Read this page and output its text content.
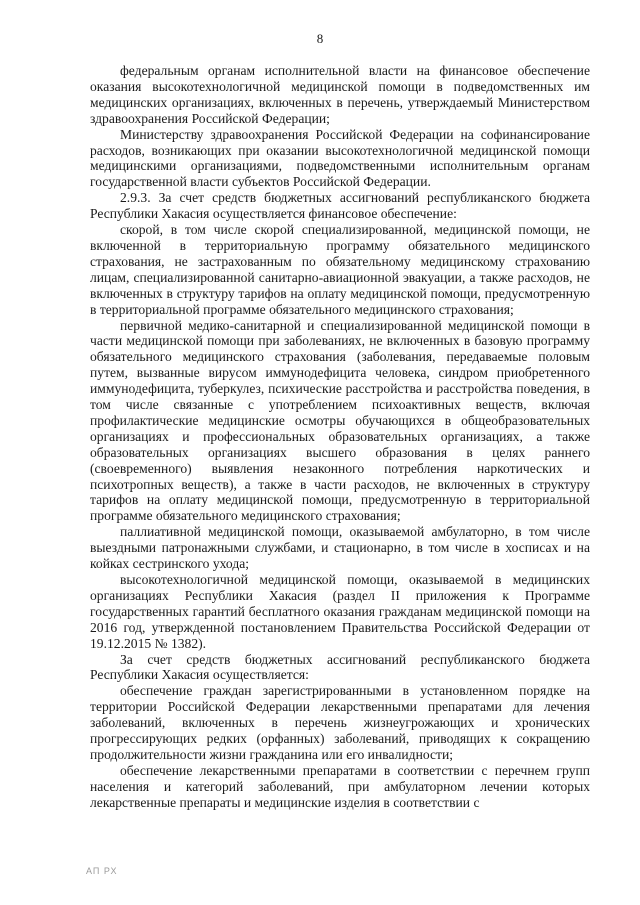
8

федеральным органам исполнительной власти на финансовое обеспечение оказания высокотехнологичной медицинской помощи в подведомственных им медицинских организациях, включенных в перечень, утверждаемый Министерством здравоохранения Российской Федерации;

Министерству здравоохранения Российской Федерации на софинансирование расходов, возникающих при оказании высокотехнологичной медицинской помощи медицинскими организациями, подведомственными исполнительным органам государственной власти субъектов Российской Федерации.

2.9.3. За счет средств бюджетных ассигнований республиканского бюджета Республики Хакасия осуществляется финансовое обеспечение:

скорой, в том числе скорой специализированной, медицинской помощи, не включенной в территориальную программу обязательного медицинского страхования, не застрахованным по обязательному медицинскому страхованию лицам, специализированной санитарно-авиационной эвакуации, а также расходов, не включенных в структуру тарифов на оплату медицинской помощи, предусмотренную в территориальной программе обязательного медицинского страхования;

первичной медико-санитарной и специализированной медицинской помощи в части медицинской помощи при заболеваниях, не включенных в базовую программу обязательного медицинского страхования (заболевания, передаваемые половым путем, вызванные вирусом иммунодефицита человека, синдром приобретенного иммунодефицита, туберкулез, психические расстройства и расстройства поведения, в том числе связанные с употреблением психоактивных веществ, включая профилактические медицинские осмотры обучающихся в общеобразовательных организациях и профессиональных образовательных организациях, а также образовательных организациях высшего образования в целях раннего (своевременного) выявления незаконного потребления наркотических и психотропных веществ), а также в части расходов, не включенных в структуру тарифов на оплату медицинской помощи, предусмотренную в территориальной программе обязательного медицинского страхования;

паллиативной медицинской помощи, оказываемой амбулаторно, в том числе выездными патронажными службами, и стационарно, в том числе в хосписах и на койках сестринского ухода;

высокотехнологичной медицинской помощи, оказываемой в медицинских организациях Республики Хакасия (раздел II приложения к Программе государственных гарантий бесплатного оказания гражданам медицинской помощи на 2016 год, утвержденной постановлением Правительства Российской Федерации от 19.12.2015 № 1382).

За счет средств бюджетных ассигнований республиканского бюджета Республики Хакасия осуществляется:

обеспечение граждан зарегистрированными в установленном порядке на территории Российской Федерации лекарственными препаратами для лечения заболеваний, включенных в перечень жизнеугрожающих и хронических прогрессирующих редких (орфанных) заболеваний, приводящих к сокращению продолжительности жизни гражданина или его инвалидности;

обеспечение лекарственными препаратами в соответствии с перечнем групп населения и категорий заболеваний, при амбулаторном лечении которых лекарственные препараты и медицинские изделия в соответствии с

АП РХ
